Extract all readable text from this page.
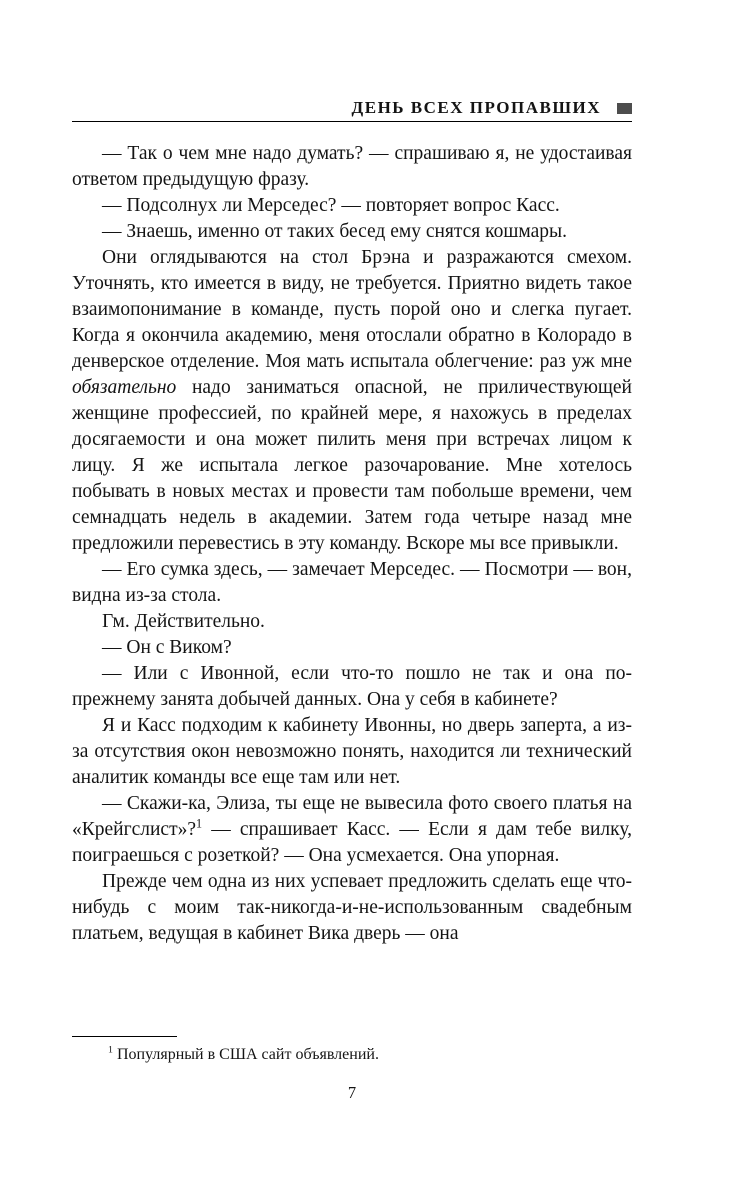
ДЕНЬ ВСЕХ ПРОПАВШИХ

— Так о чем мне надо думать? — спрашиваю я, не удостаивая ответом предыдущую фразу.

— Подсолнух ли Мерседес? — повторяет вопрос Касс.

— Знаешь, именно от таких бесед ему снятся кошмары.

Они оглядываются на стол Брэна и разражаются смехом. Уточнять, кто имеется в виду, не требуется. Приятно видеть такое взаимопонимание в команде, пусть порой оно и слегка пугает. Когда я окончила академию, меня отослали обратно в Колорадо в денверское отделение. Моя мать испытала облегчение: раз уж мне обязательно надо заниматься опасной, не приличествующей женщине профессией, по крайней мере, я нахожусь в пределах досягаемости и она может пилить меня при встречах лицом к лицу. Я же испытала легкое разочарование. Мне хотелось побывать в новых местах и провести там побольше времени, чем семнадцать недель в академии. Затем года четыре назад мне предложили перевестись в эту команду. Вскоре мы все привыкли.

— Его сумка здесь, — замечает Мерседес. — Посмотри — вон, видна из-за стола.

Гм. Действительно.

— Он с Виком?

— Или с Ивонной, если что-то пошло не так и она по-прежнему занята добычей данных. Она у себя в кабинете?

Я и Касс подходим к кабинету Ивонны, но дверь заперта, а из-за отсутствия окон невозможно понять, находится ли технический аналитик команды все еще там или нет.

— Скажи-ка, Элиза, ты еще не вывесила фото своего платья на «Крейгслист»?$^1$ — спрашивает Касс. — Если я дам тебе вилку, поиграешься с розеткой? — Она усмехается. Она упорная.

Прежде чем одна из них успевает предложить сделать еще что-нибудь с моим так-никогда-и-не-использованным свадебным платьем, ведущая в кабинет Вика дверь — она

$^1$ Популярный в США сайт объявлений.

7
